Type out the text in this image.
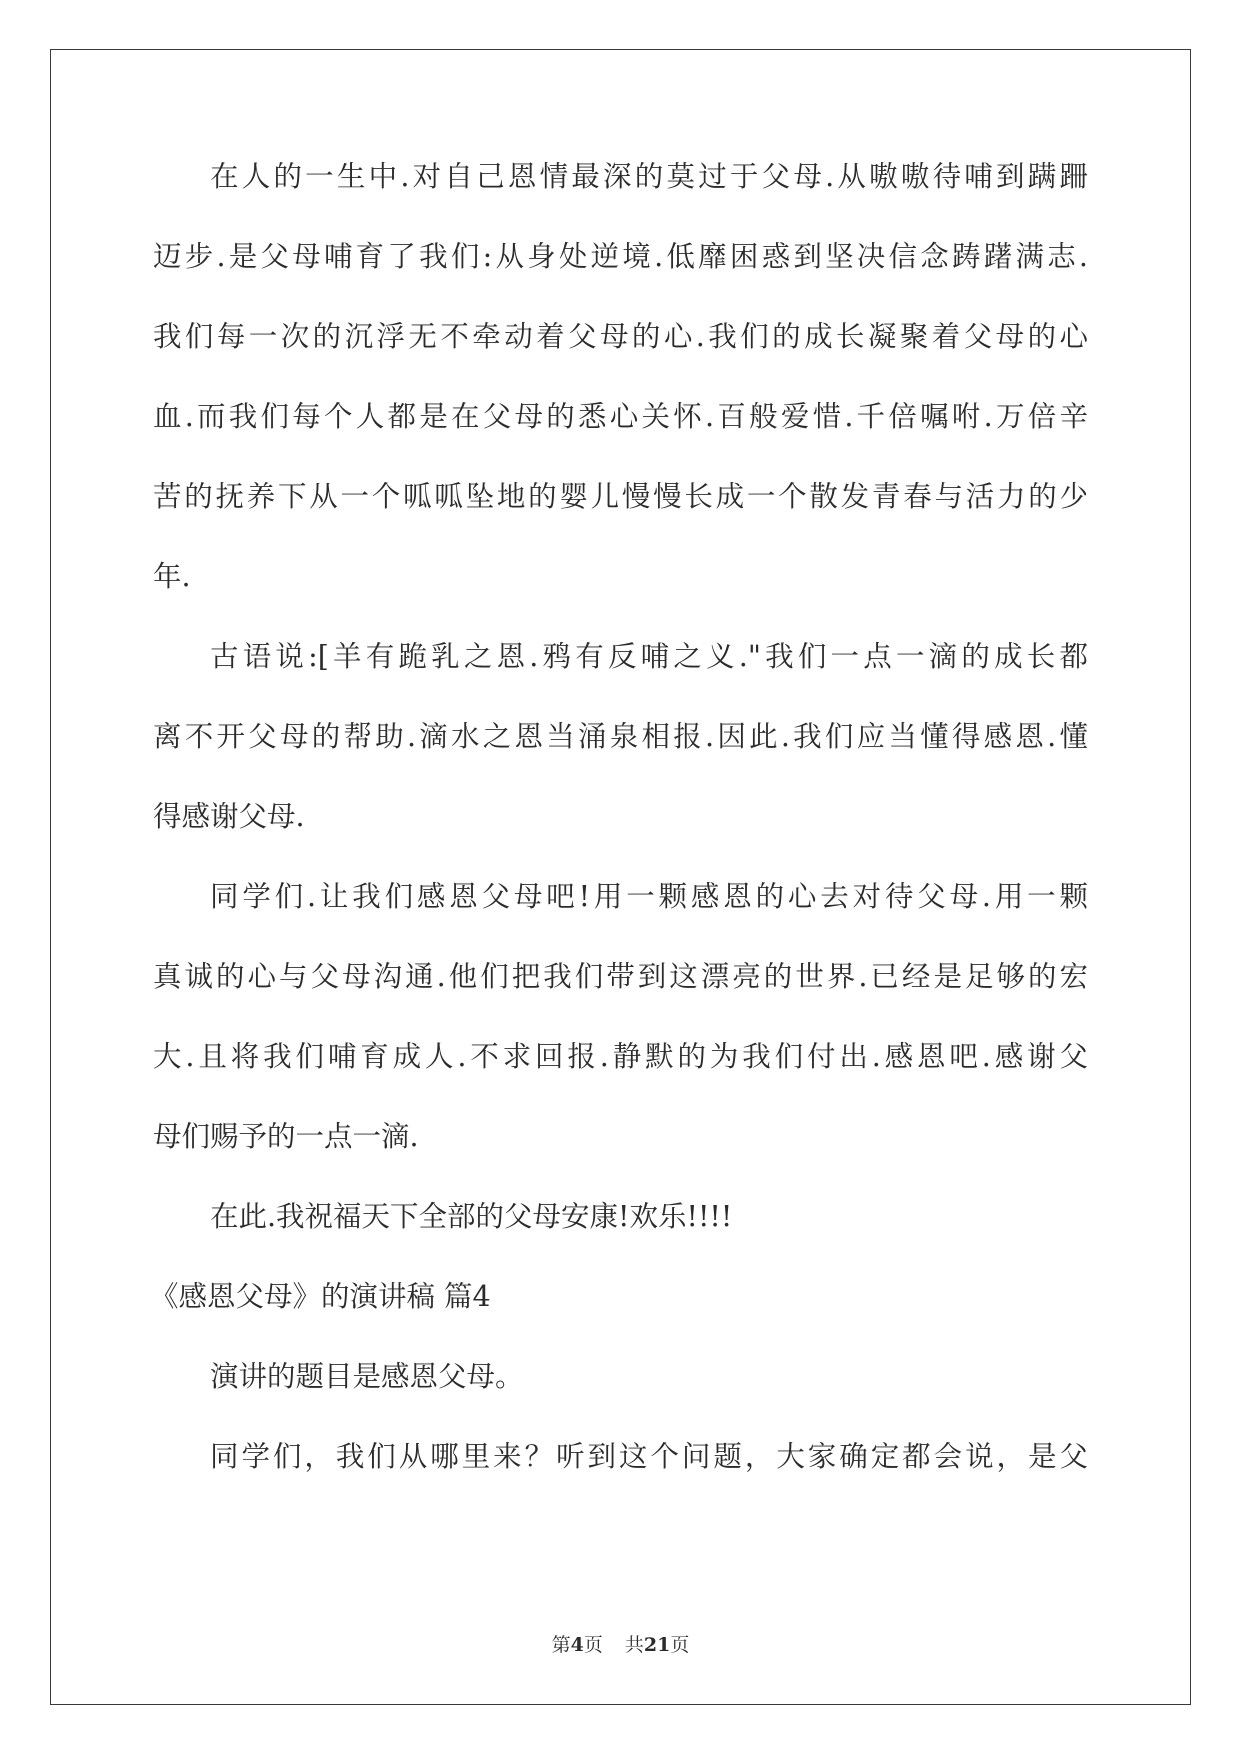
在人的一生中.对自己恩情最深的莫过于父母.从嗷嗷待哺到蹒跚
迈步.是父母哺育了我们:从身处逆境.低靡困惑到坚决信念踌躇满志.
我们每一次的沉浮无不牵动着父母的心.我们的成长凝聚着父母的心
血.而我们每个人都是在父母的悉心关怀.百般爱惜.千倍嘱咐.万倍辛
苦的抚养下从一个呱呱坠地的婴儿慢慢长成一个散发青春与活力的少
年.
古语说:[羊有跪乳之恩.鸦有反哺之义."我们一点一滴的成长都
离不开父母的帮助.滴水之恩当涌泉相报.因此.我们应当懂得感恩.懂
得感谢父母.
同学们.让我们感恩父母吧!用一颗感恩的心去对待父母.用一颗
真诚的心与父母沟通.他们把我们带到这漂亮的世界.已经是足够的宏
大.且将我们哺育成人.不求回报.静默的为我们付出.感恩吧.感谢父
母们赐予的一点一滴.
在此.我祝福天下全部的父母安康!欢乐!!!!
《感恩父母》的演讲稿 篇4
演讲的题目是感恩父母。
同学们，我们从哪里来？听到这个问题，大家确定都会说，是父
第4页 共21页
